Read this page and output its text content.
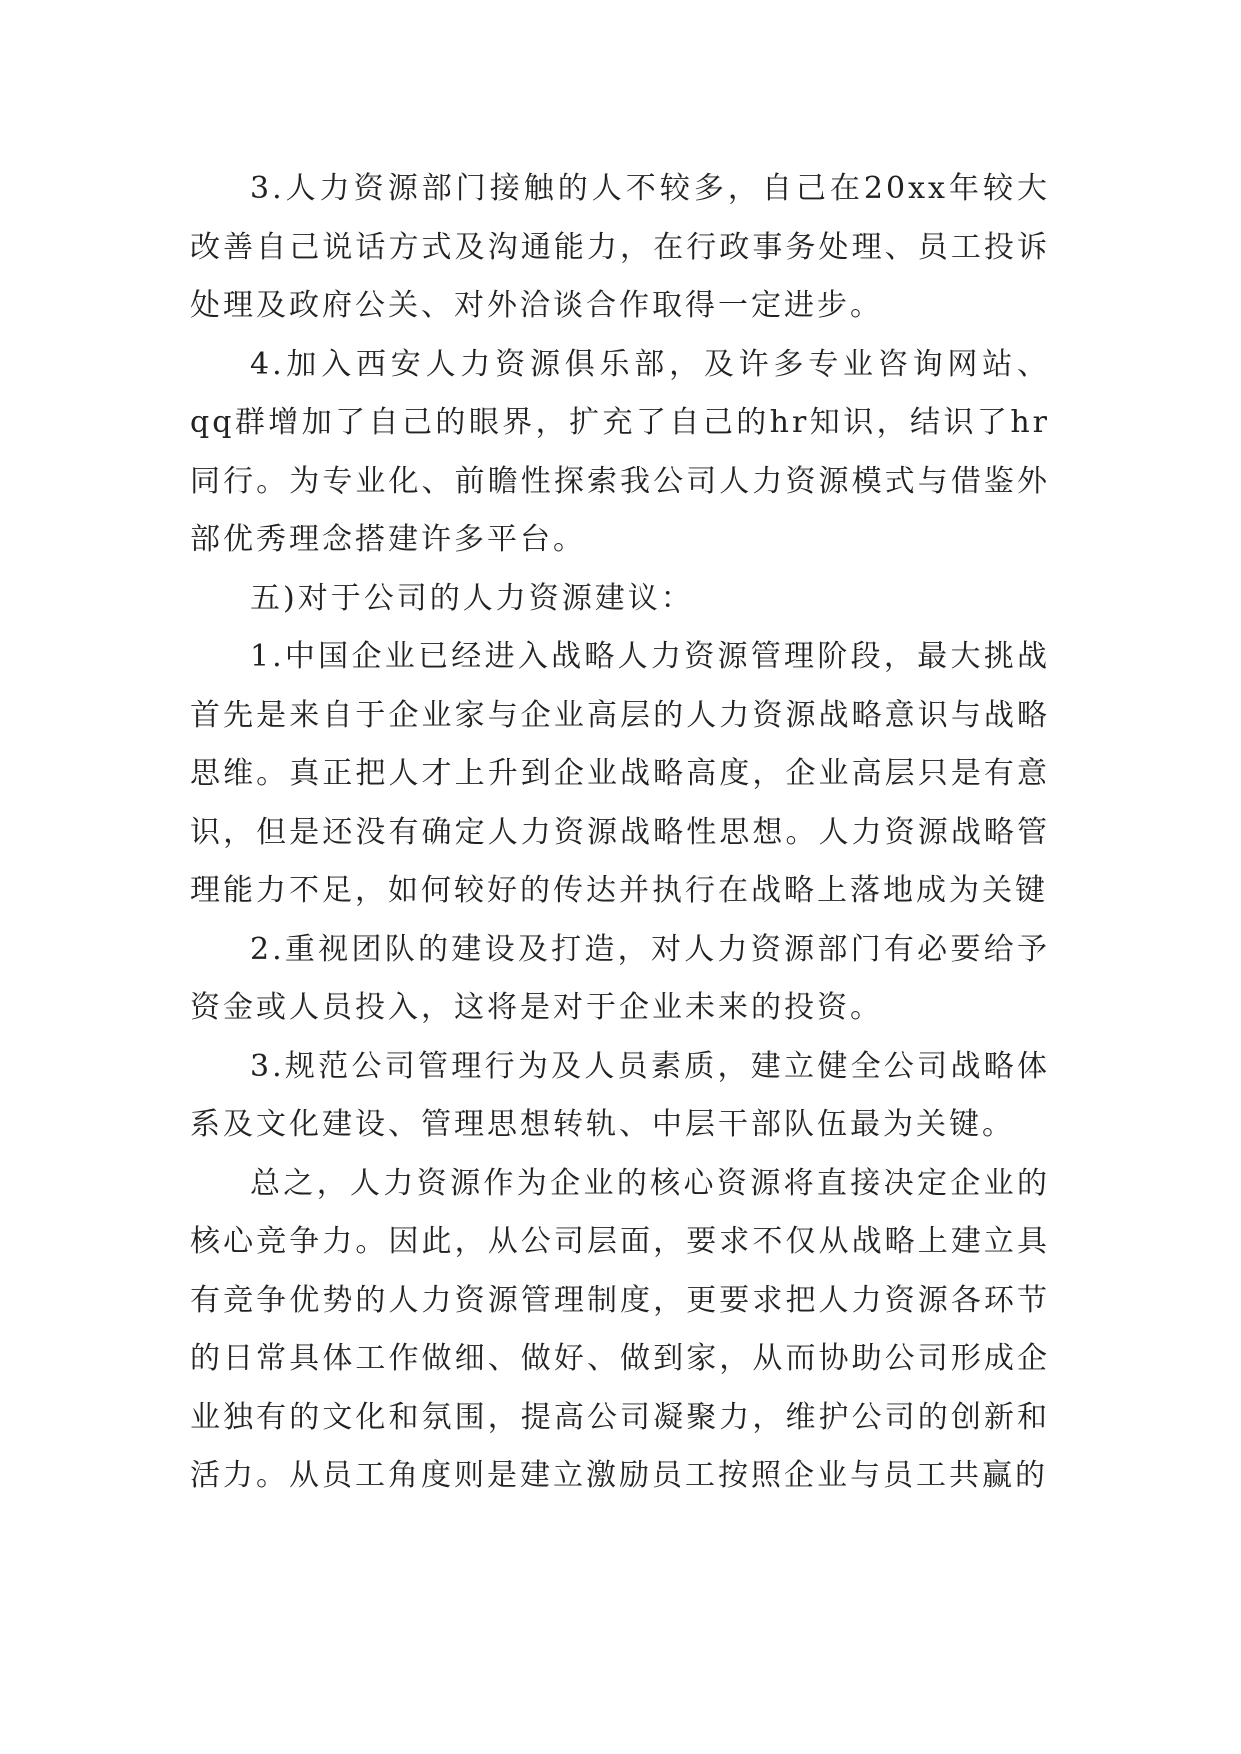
3.人力资源部门接触的人不较多，自己在20xx年较大改善自己说话方式及沟通能力，在行政事务处理、员工投诉处理及政府公关、对外洽谈合作取得一定进步。

4.加入西安人力资源俱乐部，及许多专业咨询网站、qq群增加了自己的眼界，扩充了自己的hr知识，结识了hr同行。为专业化、前瞻性探索我公司人力资源模式与借鉴外部优秀理念搭建许多平台。

五)对于公司的人力资源建议：

1.中国企业已经进入战略人力资源管理阶段，最大挑战首先是来自于企业家与企业高层的人力资源战略意识与战略思维。真正把人才上升到企业战略高度，企业高层只是有意识，但是还没有确定人力资源战略性思想。人力资源战略管理能力不足，如何较好的传达并执行在战略上落地成为关键

2.重视团队的建设及打造，对人力资源部门有必要给予资金或人员投入，这将是对于企业未来的投资。

3.规范公司管理行为及人员素质，建立健全公司战略体系及文化建设、管理思想转轨、中层干部队伍最为关键。

总之，人力资源作为企业的核心资源将直接决定企业的核心竞争力。因此，从公司层面，要求不仅从战略上建立具有竞争优势的人力资源管理制度，更要求把人力资源各环节的日常具体工作做细、做好、做到家，从而协助公司形成企业独有的文化和氛围，提高公司凝聚力，维护公司的创新和活力。从员工角度则是建立激励员工按照企业与员工共赢的
